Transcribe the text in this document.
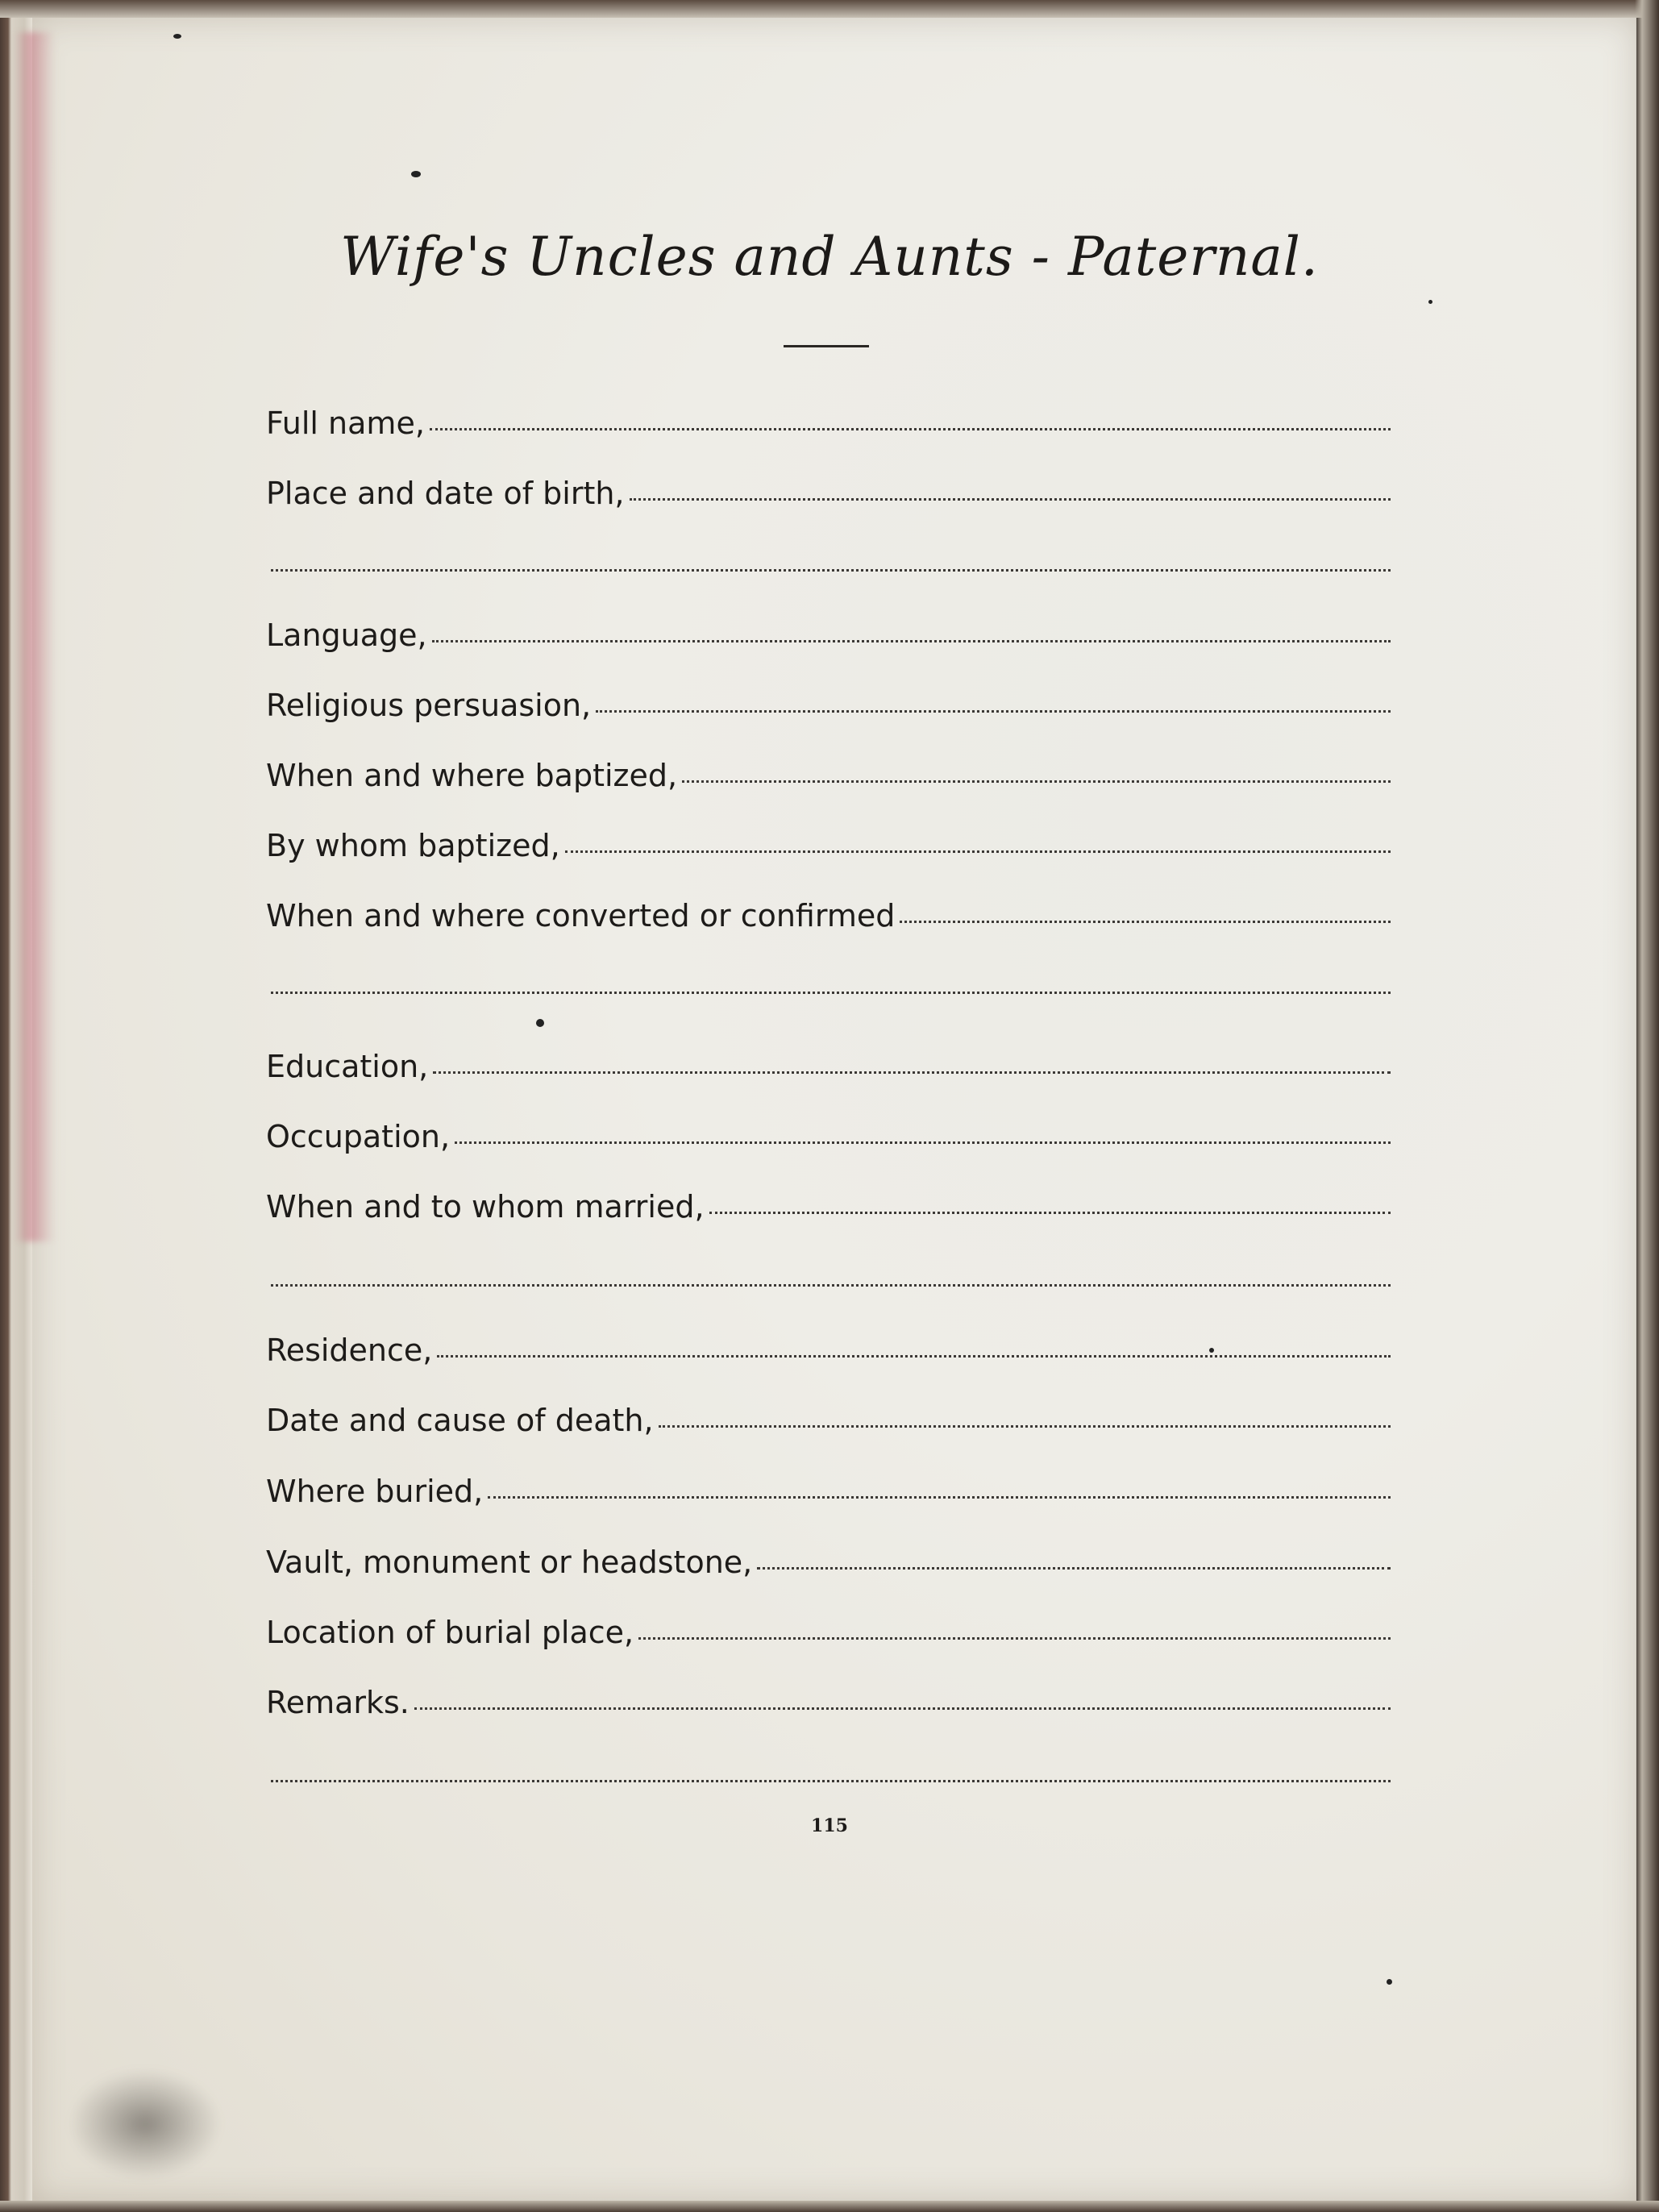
Wife's Uncles and Aunts - Paternal.
Full name,
Place and date of birth,
Language,
Religious persuasion,
When and where baptized,
By whom baptized,
When and where converted or confirmed
Education,
Occupation,
When and to whom married,
Residence,
Date and cause of death,
Where buried,
Vault, monument or headstone,
Location of burial place,
Remarks.
115
